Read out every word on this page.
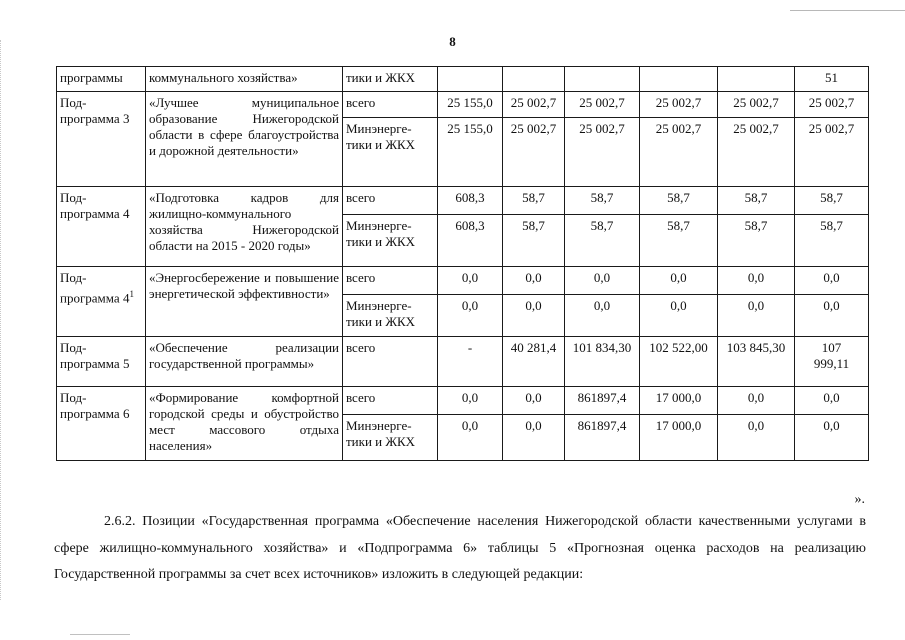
8
программы	коммунального хозяйства»	тики и ЖКХ						51
Под-программа 3	«Лучшее муниципальное образование Нижегородской области в сфере благоустройства и дорожной деятельности»	всего	25 155,0	25 002,7	25 002,7	25 002,7	25 002,7	25 002,7
		Минэнерге-тики и ЖКХ	25 155,0	25 002,7	25 002,7	25 002,7	25 002,7	25 002,7
Под-программа 4	«Подготовка кадров для жилищно-коммунального хозяйства Нижегородской области на 2015 - 2020 годы»	всего	608,3	58,7	58,7	58,7	58,7	58,7
		Минэнерге-тики и ЖКХ	608,3	58,7	58,7	58,7	58,7	58,7
Под-программа $4^1$	«Энергосбережение и повышение энергетической эффективности»	всего	0,0	0,0	0,0	0,0	0,0	0,0
		Минэнерге-тики и ЖКХ	0,0	0,0	0,0	0,0	0,0	0,0
Под-программа 5	«Обеспечение реализации государственной программы»	всего	-	40 281,4	101 834,30	102 522,00	103 845,30	107 999,11
Под-программа 6	«Формирование комфортной городской среды и обустройство мест массового отдыха населения»	всего	0,0	0,0	861897,4	17 000,0	0,0	0,0
		Минэнерге-тики и ЖКХ	0,0	0,0	861897,4	17 000,0	0,0	0,0
».

2.6.2. Позиции «Государственная программа «Обеспечение населения Нижегородской области качественными услугами в сфере жилищно-коммунального хозяйства» и «Подпрограмма 6» таблицы 5 «Прогнозная оценка расходов на реализацию Государственной программы за счет всех источников» изложить в следующей редакции:
